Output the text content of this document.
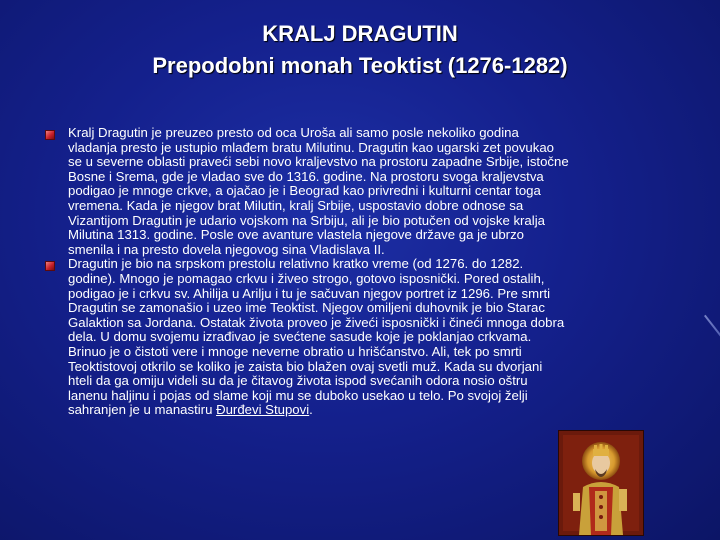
KRALJ DRAGUTIN
Prepodobni monah Teoktist (1276-1282)
Kralj Dragutin je preuzeo presto od oca Uroša ali samo posle nekoliko godina
vladanja presto je ustupio mlađem bratu Milutinu. Dragutin kao ugarski zet povukao
se u severne oblasti praveći sebi novo kraljevstvo na prostoru zapadne Srbije, istočne
Bosne i Srema, gde je vladao sve do 1316. godine. Na prostoru svoga kraljevstva
podigao je mnoge crkve, a ojačao je i Beograd kao privredni i kulturni centar toga
vremena. Kada je njegov brat Milutin, kralj Srbije, uspostavio dobre odnose sa
Vizantijom Dragutin je udario vojskom na Srbiju, ali je bio potučen od vojske kralja
Milutina 1313. godine. Posle ove avanture vlastela njegove države ga je ubrzo
smenila i na presto dovela njegovog sina Vladislava II.
Dragutin je bio na srpskom prestolu relativno kratko vreme (od 1276. do 1282.
godine). Mnogo je pomagao crkvu i živeo strogo, gotovo isposnički. Pored ostalih,
podigao je i crkvu sv. Ahilija u Arilju i tu je sačuvan njegov portret iz 1296. Pre smrti
Dragutin se zamonašio i uzeo ime Teoktist. Njegov omiljeni duhovnik je bio Starac
Galaktion sa Jordana. Ostatak života proveo je živeći isposnički i čineći mnoga dobra
dela. U domu svojemu izrađivao je svećtene sasude koje je poklanjao crkvama.
Brinuo je o čistoti vere i mnoge neverne obratio u hrišćanstvo. Ali, tek po smrti
Teoktistovoj otkrilo se koliko je zaista bio blažen ovaj svetli muž. Kada su dvorjani
hteli da ga omiju videli su da je čitavog života ispod svećanih odora nosio oštru
lanenu haljinu i pojas od slame koji mu se duboko usekao u telo. Po svojoj želji
sahranjen je u manastiru Đurđevi Stupovi.
